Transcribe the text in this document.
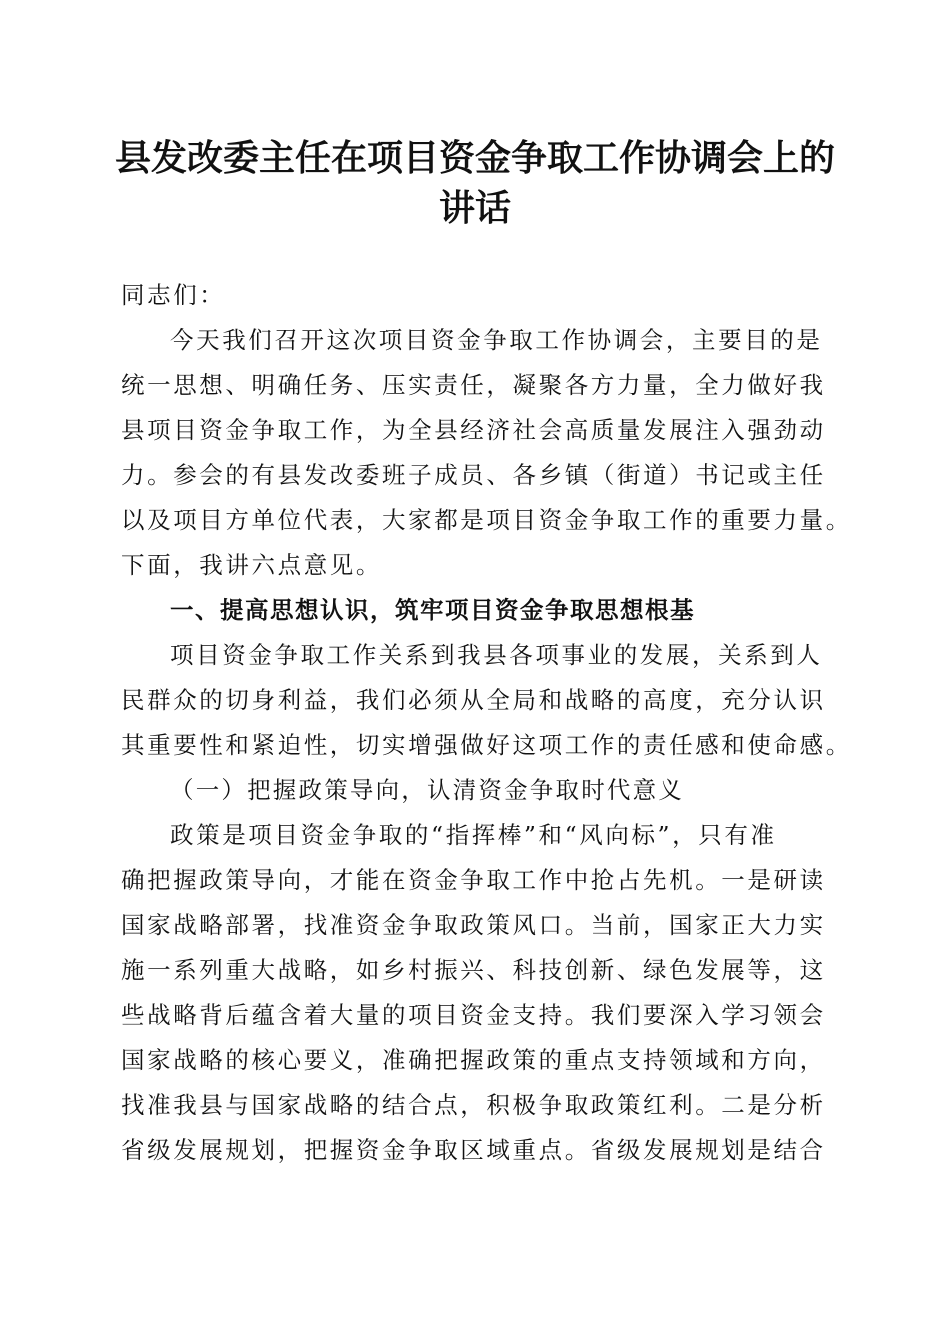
县发改委主任在项目资金争取工作协调会上的
讲话
同志们：
今天我们召开这次项目资金争取工作协调会，主要目的是
统一思想、明确任务、压实责任，凝聚各方力量，全力做好我
县项目资金争取工作，为全县经济社会高质量发展注入强劲动
力。参会的有县发改委班子成员、各乡镇（街道）书记或主任
以及项目方单位代表，大家都是项目资金争取工作的重要力量。
下面，我讲六点意见。
一、提高思想认识，筑牢项目资金争取思想根基
项目资金争取工作关系到我县各项事业的发展，关系到人
民群众的切身利益，我们必须从全局和战略的高度，充分认识
其重要性和紧迫性，切实增强做好这项工作的责任感和使命感。
（一）把握政策导向，认清资金争取时代意义
政策是项目资金争取的“指挥棒”和“风向标”，只有准
确把握政策导向，才能在资金争取工作中抢占先机。一是研读
国家战略部署，找准资金争取政策风口。当前，国家正大力实
施一系列重大战略，如乡村振兴、科技创新、绿色发展等，这
些战略背后蕴含着大量的项目资金支持。我们要深入学习领会
国家战略的核心要义，准确把握政策的重点支持领域和方向，
找准我县与国家战略的结合点，积极争取政策红利。二是分析
省级发展规划，把握资金争取区域重点。省级发展规划是结合
